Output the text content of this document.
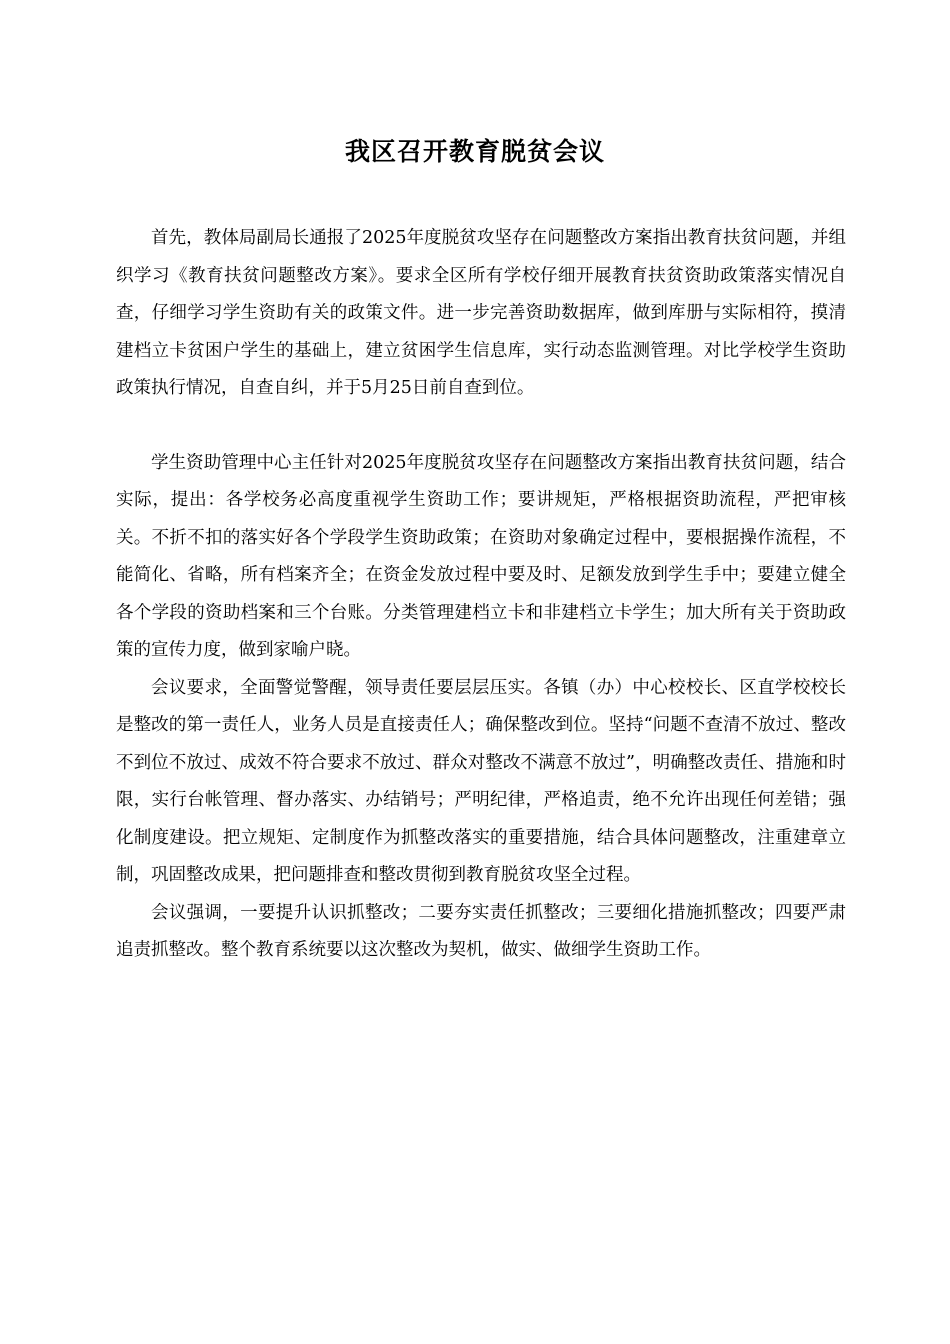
我区召开教育脱贫会议

首先，教体局副局长通报了2025年度脱贫攻坚存在问题整改方案指出教育扶贫问题，并组织学习《教育扶贫问题整改方案》。要求全区所有学校仔细开展教育扶贫资助政策落实情况自查，仔细学习学生资助有关的政策文件。进一步完善资助数据库，做到库册与实际相符，摸清建档立卡贫困户学生的基础上，建立贫困学生信息库，实行动态监测管理。对比学校学生资助政策执行情况，自查自纠，并于5月25日前自查到位。

学生资助管理中心主任针对2025年度脱贫攻坚存在问题整改方案指出教育扶贫问题，结合实际，提出：各学校务必高度重视学生资助工作；要讲规矩，严格根据资助流程，严把审核关。不折不扣的落实好各个学段学生资助政策；在资助对象确定过程中，要根据操作流程，不能简化、省略，所有档案齐全；在资金发放过程中要及时、足额发放到学生手中；要建立健全各个学段的资助档案和三个台账。分类管理建档立卡和非建档立卡学生；加大所有关于资助政策的宣传力度，做到家喻户晓。

会议要求，全面警觉警醒，领导责任要层层压实。各镇（办）中心校校长、区直学校校长是整改的第一责任人，业务人员是直接责任人；确保整改到位。坚持“问题不查清不放过、整改不到位不放过、成效不符合要求不放过、群众对整改不满意不放过”，明确整改责任、措施和时限，实行台帐管理、督办落实、办结销号；严明纪律，严格追责，绝不允许出现任何差错；强化制度建设。把立规矩、定制度作为抓整改落实的重要措施，结合具体问题整改，注重建章立制，巩固整改成果，把问题排查和整改贯彻到教育脱贫攻坚全过程。

会议强调，一要提升认识抓整改；二要夯实责任抓整改；三要细化措施抓整改；四要严肃追责抓整改。整个教育系统要以这次整改为契机，做实、做细学生资助工作。
